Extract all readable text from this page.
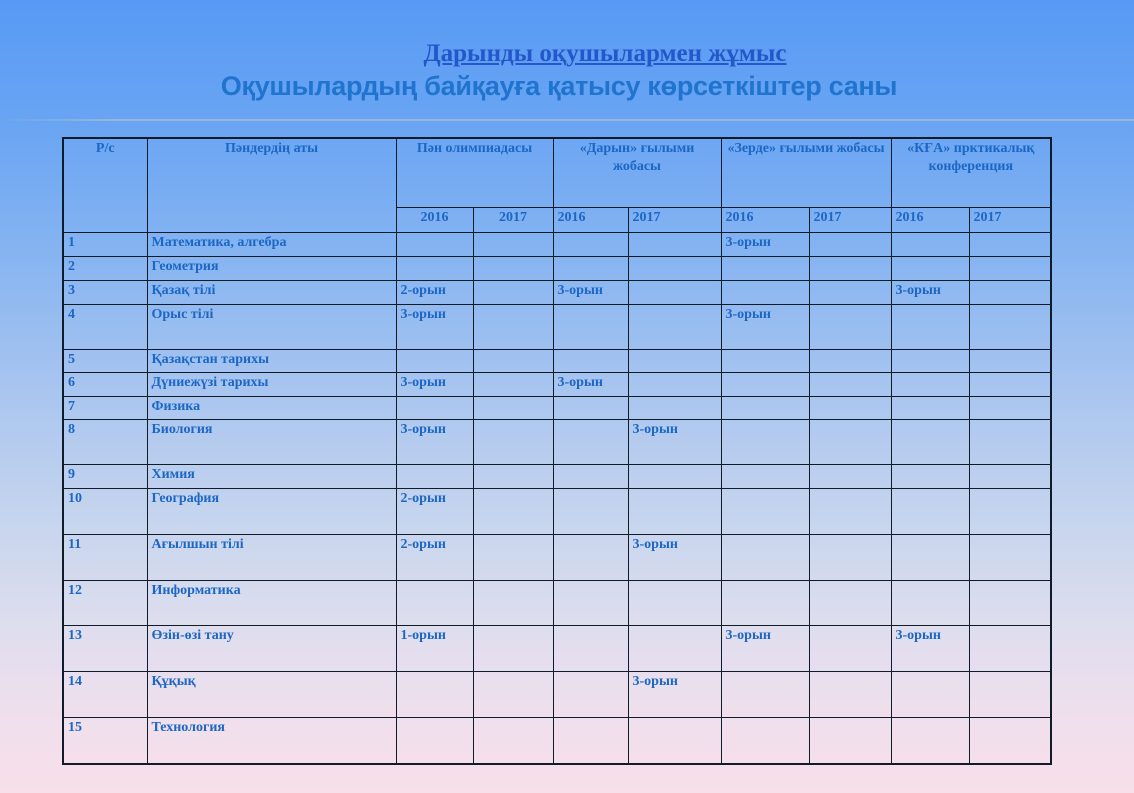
Дарынды оқушылармен жұмыс
Оқушылардың байқауға қатысу көрсеткіштер саны
Р/с	Пәндердің аты	Пән олимпиадасы		«Дарын» ғылыми жобасы		«Зерде» ғылыми жобасы		«КҒА» прктикалық конференция	
		2016	2017	2016	2017	2016	2017	2016	2017
1	Математика, алгебра					3-орын			
2	Геометрия								
3	Қазақ тілі	2-орын		3-орын				3-орын	
4	Орыс тілі	3-орын				3-орын			
5	Қазақстан тарихы								
6	Дүниежүзі тарихы	3-орын		3-орын					
7	Физика								
8	Биология	3-орын			3-орын				
9	Химия								
10	География	2-орын							
11	Ағылшын тілі	2-орын			3-орын				
12	Информатика								
13	Өзін-өзі тану	1-орын				3-орын		3-орын	
14	Құқық				3-орын				
15	Технология								
